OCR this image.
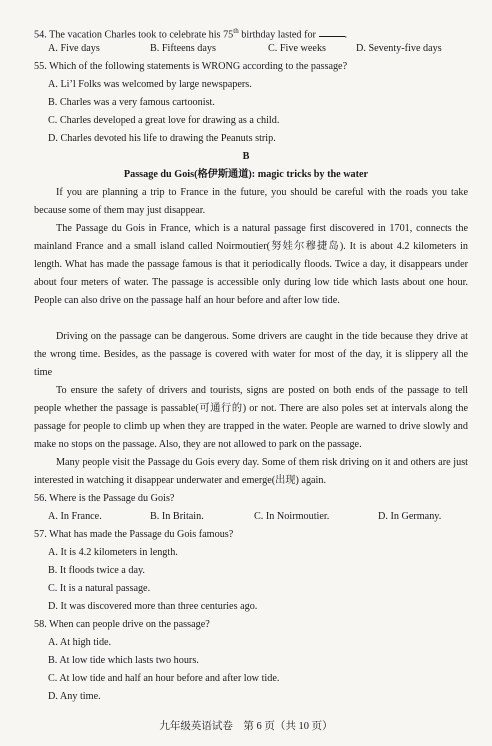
54. The vacation Charles took to celebrate his 75th birthday lasted for	.
A. Five days	B. Fifteens days	C. Five weeks	D. Seventy-five days
55. Which of the following statements is WRONG according to the passage?
A. Li’l Folks was welcomed by large newspapers.
B. Charles was a very famous cartoonist.
C. Charles developed a great love for drawing as a child.
D. Charles devoted his life to drawing the Peanuts strip.
B
Passage du Gois(格伊斯通道): magic tricks by the water
If you are planning a trip to France in the future, you should be careful with the roads you take because some of them may just disappear.
The Passage du Gois in France, which is a natural passage first discovered in 1701, connects the mainland France and a small island called Noirmoutier(努娃尔穆捷岛). It is about 4.2 kilometers in length. What has made the passage famous is that it periodically floods. Twice a day, it disappears under about four meters of water. The passage is accessible only during low tide which lasts about one hour. People can also drive on the passage half an hour before and after low tide.
Driving on the passage can be dangerous. Some drivers are caught in the tide because they drive at the wrong time. Besides, as the passage is covered with water for most of the day, it is slippery all the time
To ensure the safety of drivers and tourists, signs are posted on both ends of the passage to tell people whether the passage is passable(可通行的) or not. There are also poles set at intervals along the passage for people to climb up when they are trapped in the water. People are warned to drive slowly and make no stops on the passage. Also, they are not allowed to park on the passage.
Many people visit the Passage du Gois every day. Some of them risk driving on it and others are just interested in watching it disappear underwater and emerge(出现) again.
56. Where is the Passage du Gois?
A. In France.	B. In Britain.	C. In Noirmoutier.	D. In Germany.
57. What has made the Passage du Gois famous?
A. It is 4.2 kilometers in length.
B. It floods twice a day.
C. It is a natural passage.
D. It was discovered more than three centuries ago.
58. When can people drive on the passage?
A. At high tide.
B. At low tide which lasts two hours.
C. At low tide and half an hour before and after low tide.
D. Any time.
九年级英语试卷　第 6 页（共 10 页）
